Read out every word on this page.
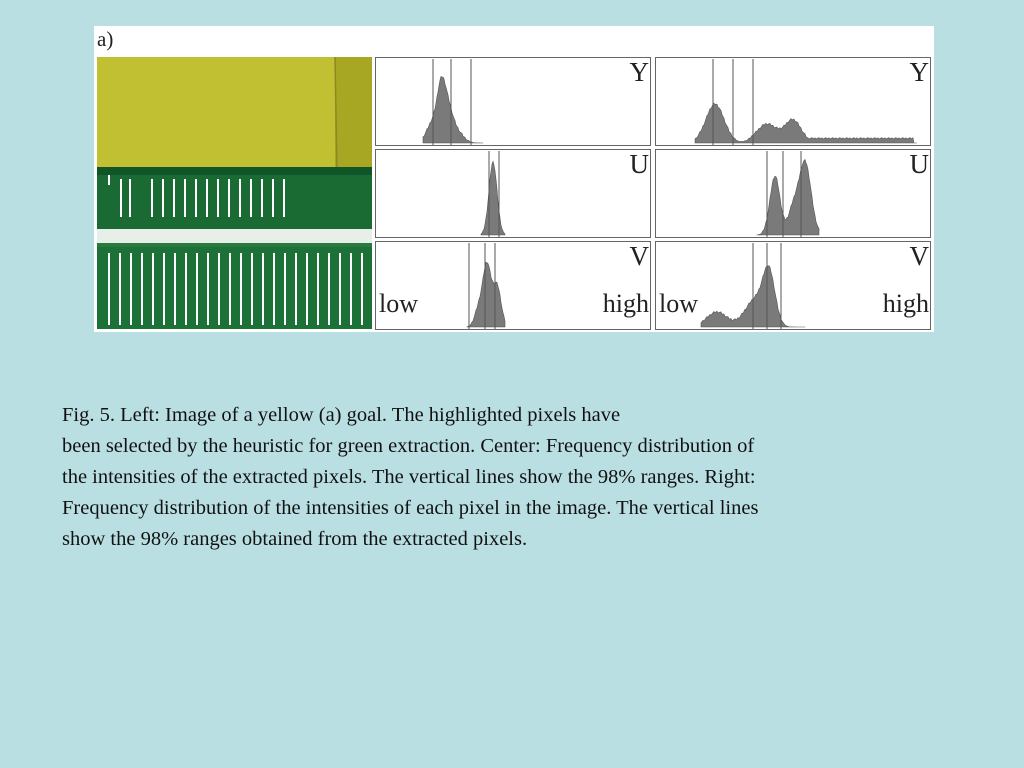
a)
Y
U
V
low	high
Y
U
V
low	high
Fig. 5. Left: Image of a yellow (a) goal. The highlighted pixels have
been selected by the heuristic for green extraction. Center: Frequency distribution of
the intensities of the extracted pixels. The vertical lines show the 98% ranges. Right:
Frequency distribution of the intensities of each pixel in the image. The vertical lines
show the 98% ranges obtained from the extracted pixels.
